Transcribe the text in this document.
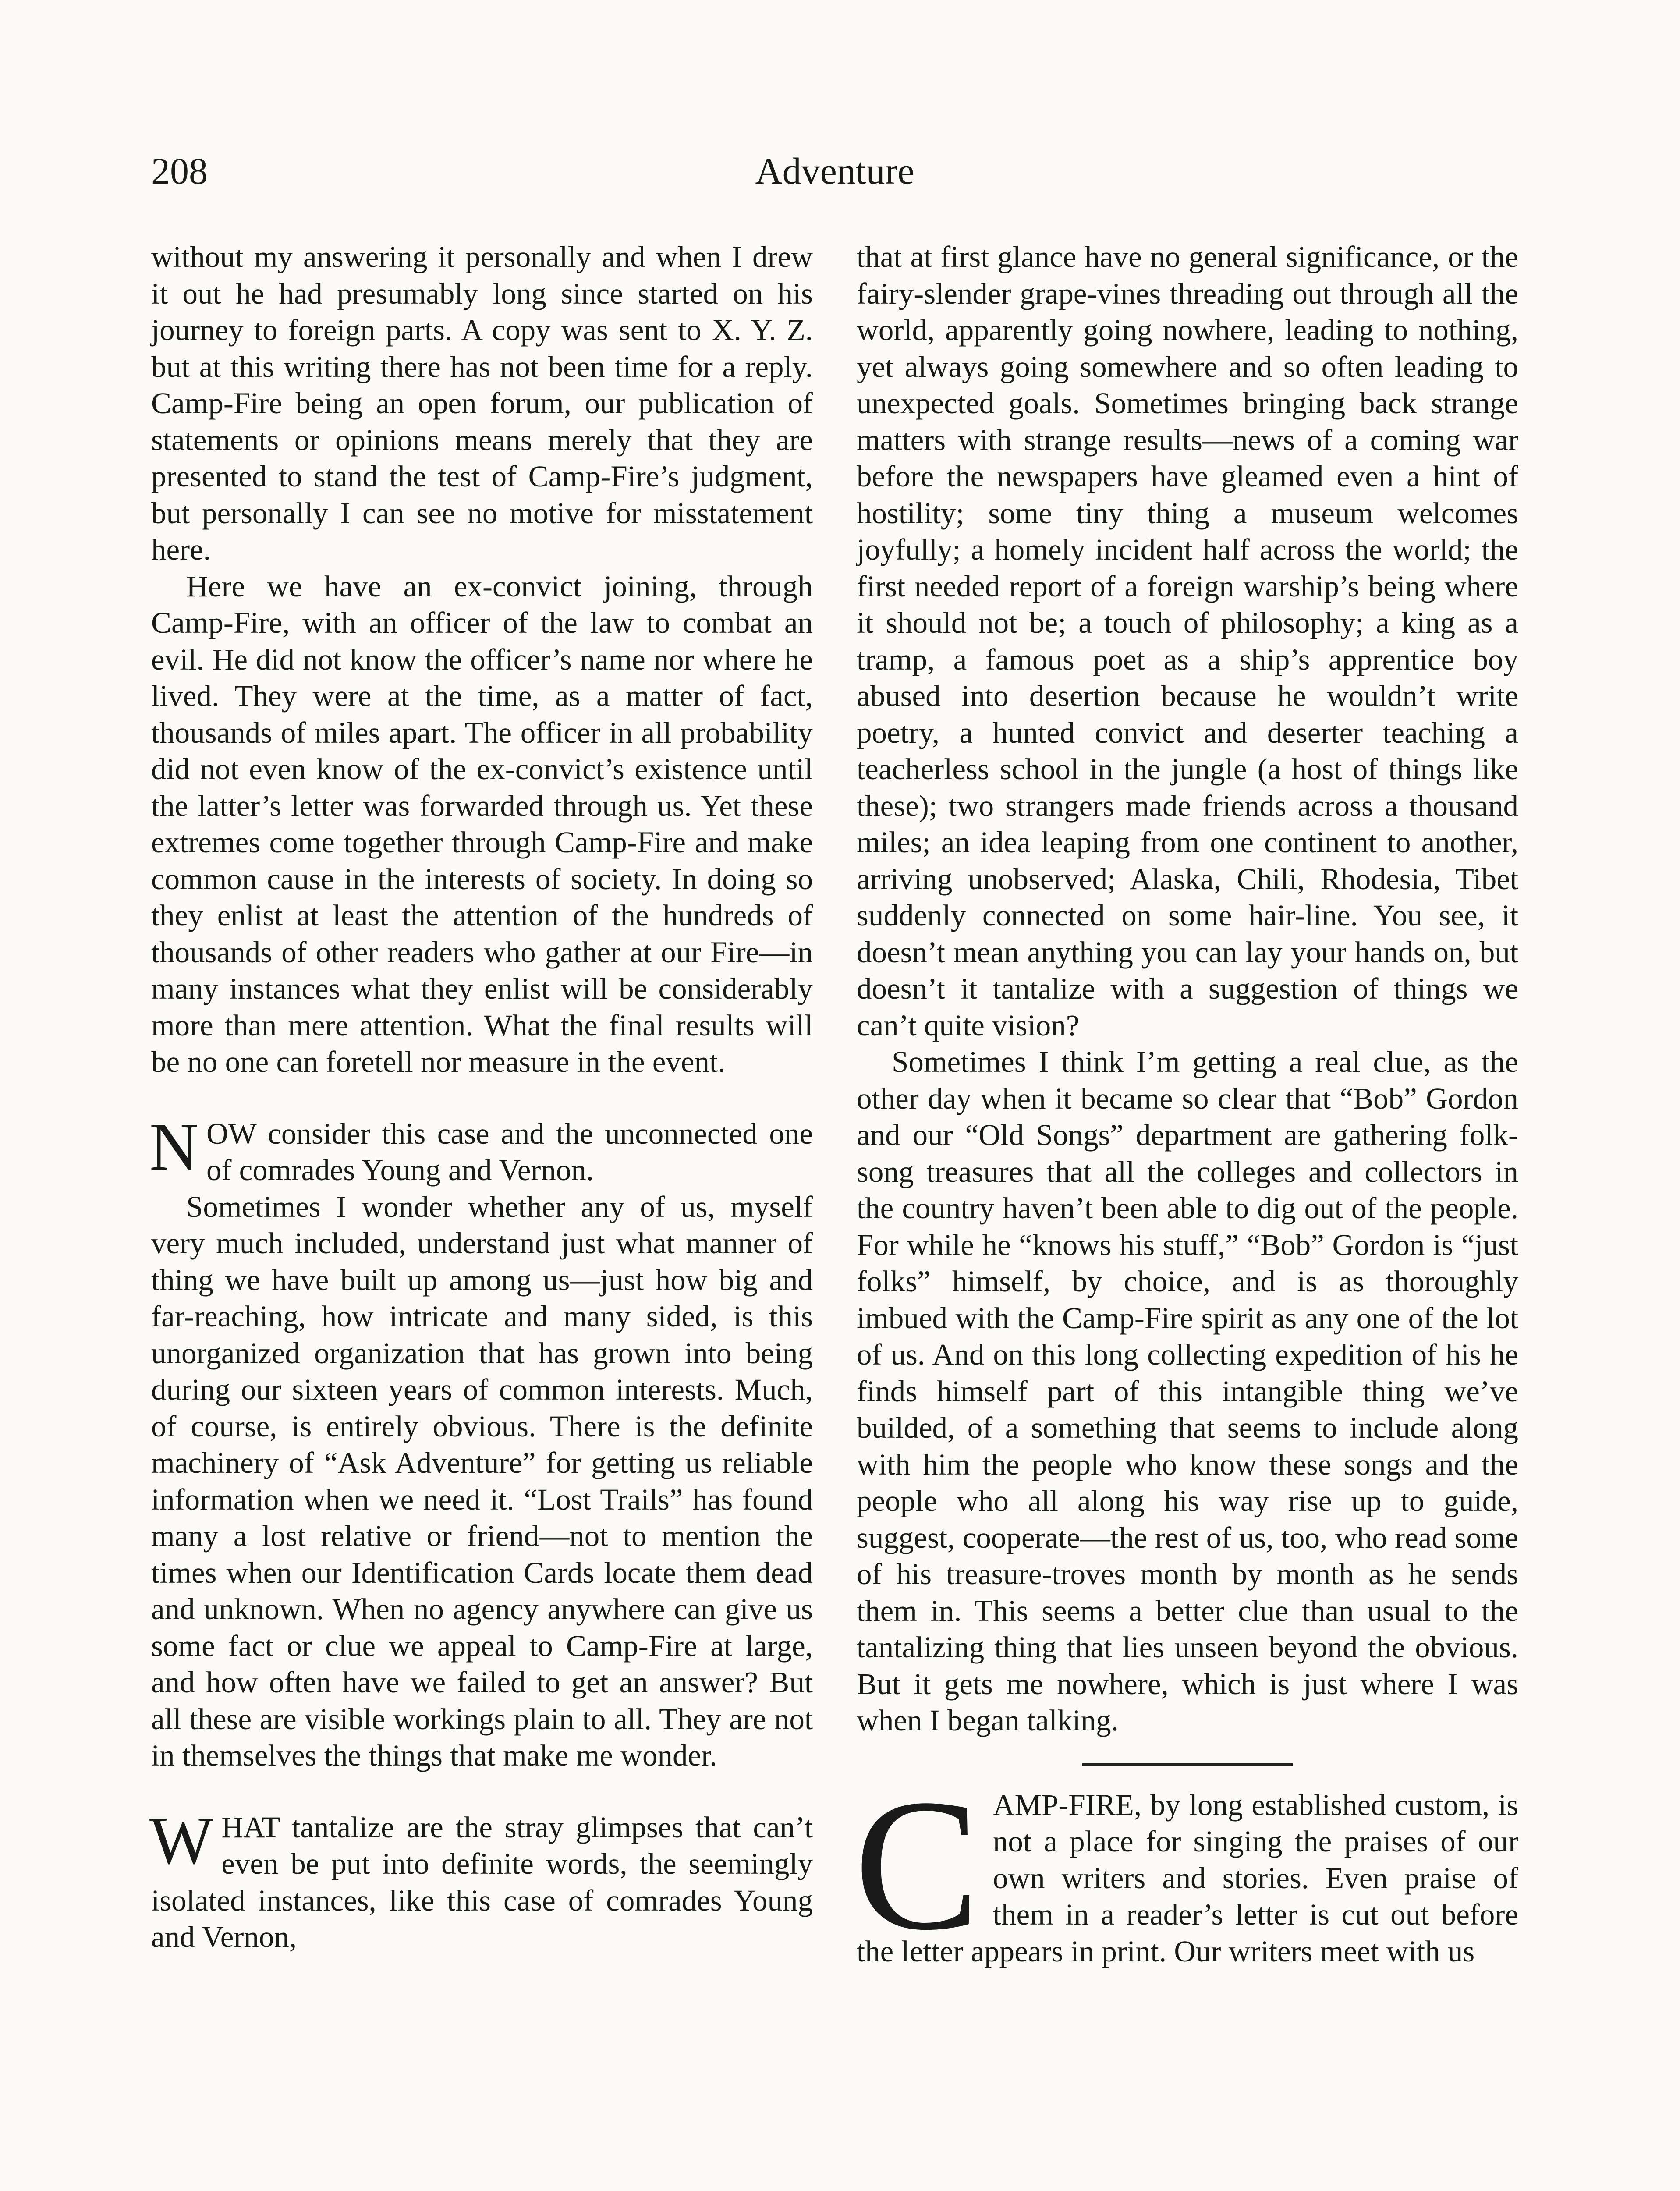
208	Adventure

without my answering it personally and when I drew it out he had presumably long since started on his journey to foreign parts. A copy was sent to X. Y. Z. but at this writing there has not been time for a reply. Camp-Fire being an open forum, our publication of statements or opinions means merely that they are presented to stand the test of Camp-Fire’s judgment, but personally I can see no motive for misstatement here.

Here we have an ex-convict joining, through Camp-Fire, with an officer of the law to combat an evil. He did not know the officer’s name nor where he lived. They were at the time, as a matter of fact, thousands of miles apart. The officer in all probability did not even know of the ex-convict’s existence until the latter’s letter was forwarded through us. Yet these extremes come together through Camp-Fire and make common cause in the interests of society. In doing so they enlist at least the attention of the hundreds of thousands of other readers who gather at our Fire—in many instances what they enlist will be considerably more than mere attention. What the final results will be no one can foretell nor measure in the event.

NOW consider this case and the unconnected one of comrades Young and Vernon.

Sometimes I wonder whether any of us, myself very much included, understand just what manner of thing we have built up among us—just how big and far-reaching, how intricate and many sided, is this unorganized organization that has grown into being during our sixteen years of common interests. Much, of course, is entirely obvious. There is the definite machinery of “Ask Adventure” for getting us reliable information when we need it. “Lost Trails” has found many a lost relative or friend—not to mention the times when our Identification Cards locate them dead and unknown. When no agency anywhere can give us some fact or clue we appeal to Camp-Fire at large, and how often have we failed to get an answer? But all these are visible workings plain to all. They are not in themselves the things that make me wonder.

WHAT tantalize are the stray glimpses that can’t even be put into definite words, the seemingly isolated instances, like this case of comrades Young and Vernon,

that at first glance have no general significance, or the fairy-slender grape-vines threading out through all the world, apparently going nowhere, leading to nothing, yet always going somewhere and so often leading to unexpected goals. Sometimes bringing back strange matters with strange results—news of a coming war before the newspapers have gleamed even a hint of hostility; some tiny thing a museum welcomes joyfully; a homely incident half across the world; the first needed report of a foreign warship’s being where it should not be; a touch of philosophy; a king as a tramp, a famous poet as a ship’s apprentice boy abused into desertion because he wouldn’t write poetry, a hunted convict and deserter teaching a teacherless school in the jungle (a host of things like these); two strangers made friends across a thousand miles; an idea leaping from one continent to another, arriving unobserved; Alaska, Chili, Rhodesia, Tibet suddenly connected on some hair-line. You see, it doesn’t mean anything you can lay your hands on, but doesn’t it tantalize with a suggestion of things we can’t quite vision?

Sometimes I think I’m getting a real clue, as the other day when it became so clear that “Bob” Gordon and our “Old Songs” department are gathering folk-song treasures that all the colleges and collectors in the country haven’t been able to dig out of the people. For while he “knows his stuff,” “Bob” Gordon is “just folks” himself, by choice, and is as thoroughly imbued with the Camp-Fire spirit as any one of the lot of us. And on this long collecting expedition of his he finds himself part of this intangible thing we’ve builded, of a something that seems to include along with him the people who know these songs and the people who all along his way rise up to guide, suggest, cooperate—the rest of us, too, who read some of his treasure-troves month by month as he sends them in. This seems a better clue than usual to the tantalizing thing that lies unseen beyond the obvious. But it gets me nowhere, which is just where I was when I began talking.

CAMP-FIRE, by long established custom, is not a place for singing the praises of our own writers and stories. Even praise of them in a reader’s letter is cut out before the letter appears in print. Our writers meet with us
